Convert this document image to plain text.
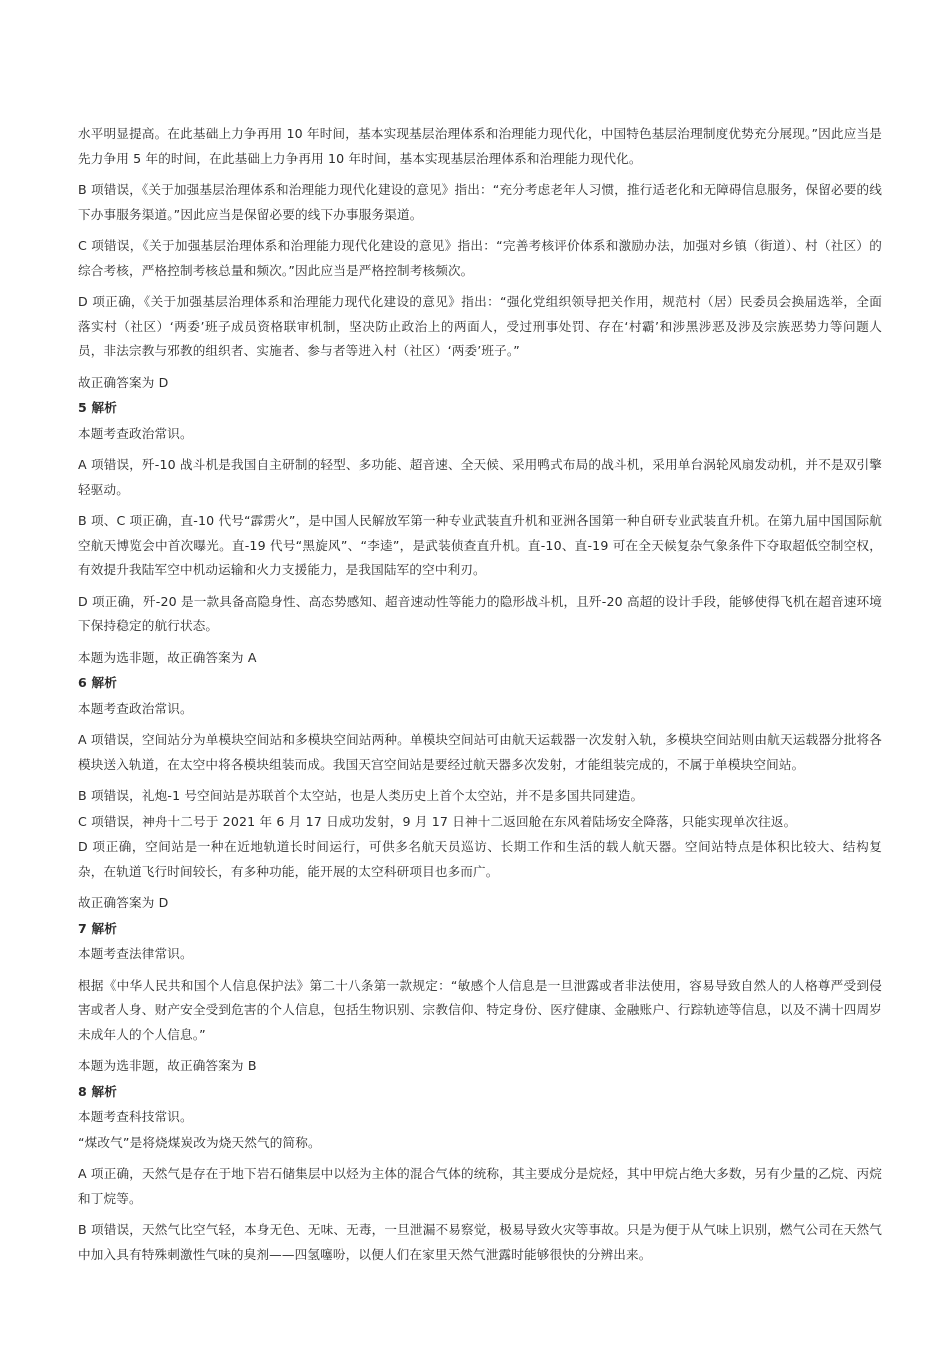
水平明显提高。在此基础上力争再用 10 年时间，基本实现基层治理体系和治理能力现代化，中国特色基层治理制度优势充分展现。”因此应当是先力争用 5 年的时间，在此基础上力争再用 10 年时间，基本实现基层治理体系和治理能力现代化。
B 项错误，《关于加强基层治理体系和治理能力现代化建设的意见》指出：“充分考虑老年人习惯，推行适老化和无障碍信息服务，保留必要的线下办事服务渠道。”因此应当是保留必要的线下办事服务渠道。
C 项错误，《关于加强基层治理体系和治理能力现代化建设的意见》指出：“完善考核评价体系和激励办法，加强对乡镇（街道）、村（社区）的综合考核，严格控制考核总量和频次。”因此应当是严格控制考核频次。
D 项正确，《关于加强基层治理体系和治理能力现代化建设的意见》指出：“强化党组织领导把关作用，规范村（居）民委员会换届选举，全面落实村（社区）‘两委’班子成员资格联审机制，坚决防止政治上的两面人，受过刑事处罚、存在‘村霸’和涉黑涉恶及涉及宗族恶势力等问题人员，非法宗教与邪教的组织者、实施者、参与者等进入村（社区）‘两委’班子。”
故正确答案为 D
5 解析
本题考查政治常识。
A 项错误，歼-10 战斗机是我国自主研制的轻型、多功能、超音速、全天候、采用鸭式布局的战斗机，采用单台涡轮风扇发动机，并不是双引擎轻驱动。
B 项、C 项正确，直-10 代号“霹雳火”，是中国人民解放军第一种专业武装直升机和亚洲各国第一种自研专业武装直升机。在第九届中国国际航空航天博览会中首次曝光。直-19 代号“黑旋风”、“李逵”，是武装侦查直升机。直-10、直-19 可在全天候复杂气象条件下夺取超低空制空权，有效提升我陆军空中机动运输和火力支援能力，是我国陆军的空中利刃。
D 项正确，歼-20 是一款具备高隐身性、高态势感知、超音速动性等能力的隐形战斗机，且歼-20 高超的设计手段，能够使得飞机在超音速环境下保持稳定的航行状态。
本题为选非题，故正确答案为 A
6 解析
本题考查政治常识。
A 项错误，空间站分为单模块空间站和多模块空间站两种。单模块空间站可由航天运载器一次发射入轨，多模块空间站则由航天运载器分批将各模块送入轨道，在太空中将各模块组装而成。我国天宫空间站是要经过航天器多次发射，才能组装完成的，不属于单模块空间站。
B 项错误，礼炮-1 号空间站是苏联首个太空站，也是人类历史上首个太空站，并不是多国共同建造。
C 项错误，神舟十二号于 2021 年 6 月 17 日成功发射，9 月 17 日神十二返回舱在东风着陆场安全降落，只能实现单次往返。
D 项正确，空间站是一种在近地轨道长时间运行，可供多名航天员巡访、长期工作和生活的载人航天器。空间站特点是体积比较大、结构复杂，在轨道飞行时间较长，有多种功能，能开展的太空科研项目也多而广。
故正确答案为 D
7 解析
本题考查法律常识。
根据《中华人民共和国个人信息保护法》第二十八条第一款规定：“敏感个人信息是一旦泄露或者非法使用，容易导致自然人的人格尊严受到侵害或者人身、财产安全受到危害的个人信息，包括生物识别、宗教信仰、特定身份、医疗健康、金融账户、行踪轨迹等信息，以及不满十四周岁未成年人的个人信息。”
本题为选非题，故正确答案为 B
8 解析
本题考查科技常识。
“煤改气”是将烧煤炭改为烧天然气的简称。
A 项正确，天然气是存在于地下岩石储集层中以烃为主体的混合气体的统称，其主要成分是烷烃，其中甲烷占绝大多数，另有少量的乙烷、丙烷和丁烷等。
B 项错误，天然气比空气轻，本身无色、无味、无毒，一旦泄漏不易察觉，极易导致火灾等事故。只是为便于从气味上识别，燃气公司在天然气中加入具有特殊刺激性气味的臭剂——四氢噻吩，以便人们在家里天然气泄露时能够很快的分辨出来。
